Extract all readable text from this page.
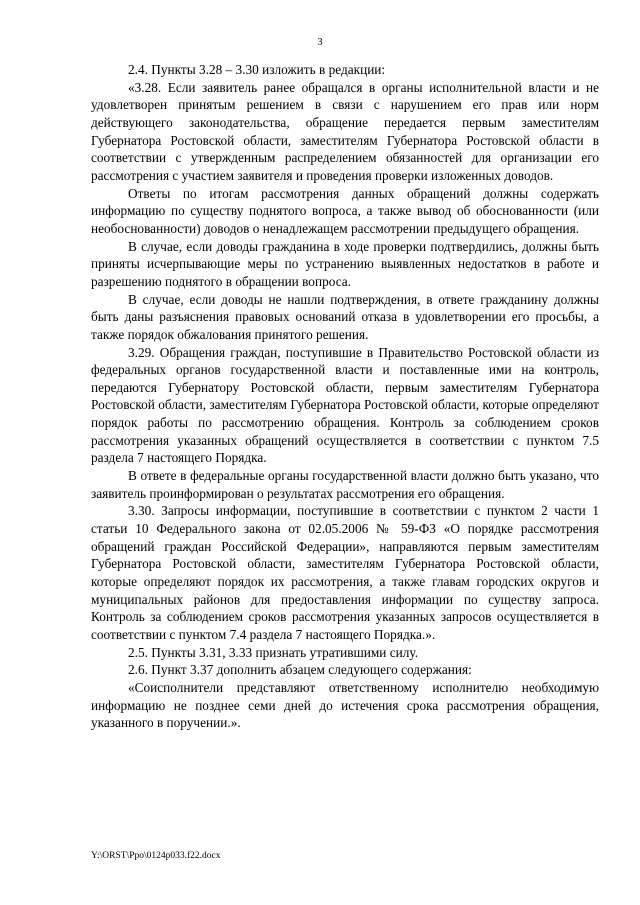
3

2.4. Пункты 3.28 – 3.30 изложить в редакции:

«3.28. Если заявитель ранее обращался в органы исполнительной власти и не удовлетворен принятым решением в связи с нарушением его прав или норм действующего законодательства, обращение передается первым заместителям Губернатора Ростовской области, заместителям Губернатора Ростовской области в соответствии с утвержденным распределением обязанностей для организации его рассмотрения с участием заявителя и проведения проверки изложенных доводов.

Ответы по итогам рассмотрения данных обращений должны содержать информацию по существу поднятого вопроса, а также вывод об обоснованности (или необоснованности) доводов о ненадлежащем рассмотрении предыдущего обращения.

В случае, если доводы гражданина в ходе проверки подтвердились, должны быть приняты исчерпывающие меры по устранению выявленных недостатков в работе и разрешению поднятого в обращении вопроса.

В случае, если доводы не нашли подтверждения, в ответе гражданину должны быть даны разъяснения правовых оснований отказа в удовлетворении его просьбы, а также порядок обжалования принятого решения.

3.29. Обращения граждан, поступившие в Правительство Ростовской области из федеральных органов государственной власти и поставленные ими на контроль, передаются Губернатору Ростовской области, первым заместителям Губернатора Ростовской области, заместителям Губернатора Ростовской области, которые определяют порядок работы по рассмотрению обращения. Контроль за соблюдением сроков рассмотрения указанных обращений осуществляется в соответствии с пунктом 7.5 раздела 7 настоящего Порядка.

В ответе в федеральные органы государственной власти должно быть указано, что заявитель проинформирован о результатах рассмотрения его обращения.

3.30. Запросы информации, поступившие в соответствии с пунктом 2 части 1 статьи 10 Федерального закона от 02.05.2006 № 59-ФЗ «О порядке рассмотрения обращений граждан Российской Федерации», направляются первым заместителям Губернатора Ростовской области, заместителям Губернатора Ростовской области, которые определяют порядок их рассмотрения, а также главам городских округов и муниципальных районов для предоставления информации по существу запроса. Контроль за соблюдением сроков рассмотрения указанных запросов осуществляется в соответствии с пунктом 7.4 раздела 7 настоящего Порядка.».

2.5. Пункты 3.31, 3.33 признать утратившими силу.

2.6. Пункт 3.37 дополнить абзацем следующего содержания:

«Соисполнители представляют ответственному исполнителю необходимую информацию не позднее семи дней до истечения срока рассмотрения обращения, указанного в поручении.».

Y:\ORST\Ppo\0124p033.f22.docx
